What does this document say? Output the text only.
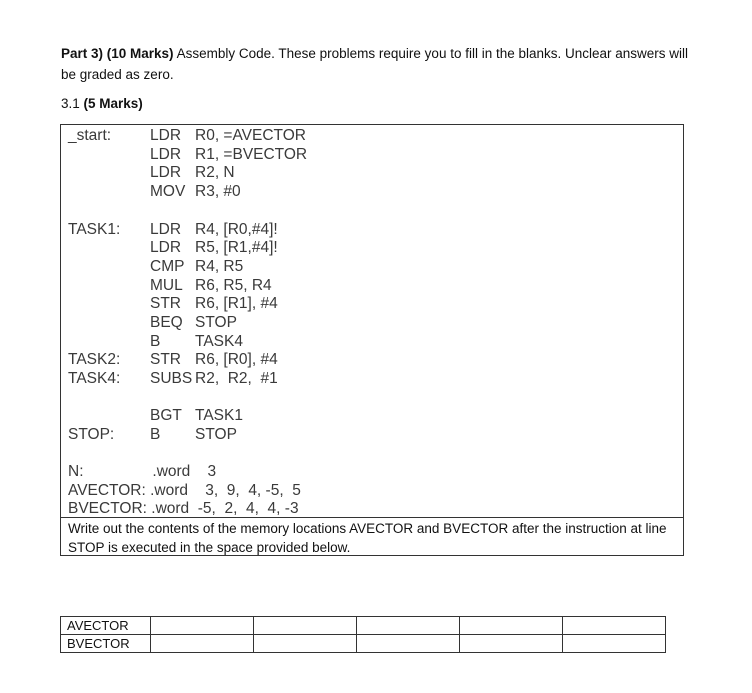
Part 3) (10 Marks) Assembly Code. These problems require you to fill in the blanks. Unclear answers will be graded as zero.
3.1 (5 Marks)
_start:	LDR R0, =AVECTOR
LDR R1, =BVECTOR
LDR R2, N
MOV R3, #0
TASK1: LDR R4, [R0,#4]!
LDR R5, [R1,#4]!
CMP R4, R5
MUL R6, R5, R4
STR R6, [R1], #4
BEQ STOP
B TASK4
TASK2: STR R6, [R0], #4
TASK4: SUBS R2,  R2,  #1
BGT TASK1
STOP: B STOP
N:                .word    3
AVECTOR: .word    3,  9,  4, -5,  5
BVECTOR: .word  -5,  2,  4,  4, -3
Write out the contents of the memory locations AVECTOR and BVECTOR after the instruction at line STOP is executed in the space provided below.
AVECTOR					
BVECTOR					
